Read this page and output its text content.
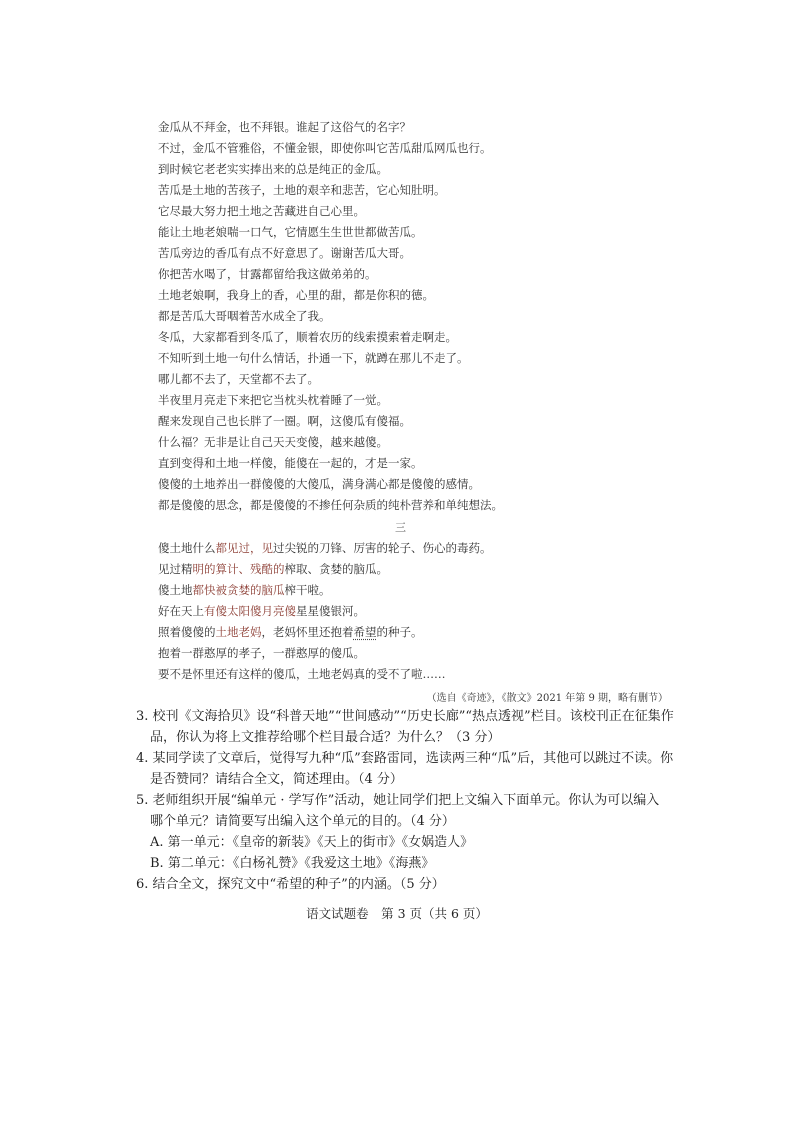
金瓜从不拜金，也不拜银。谁起了这俗气的名字？
不过，金瓜不管雅俗，不懂金银，即使你叫它苦瓜甜瓜网瓜也行。
到时候它老老实实捧出来的总是纯正的金瓜。
苦瓜是土地的苦孩子，土地的艰辛和悲苦，它心知肚明。
它尽最大努力把土地之苦藏进自己心里。
能让土地老娘喘一口气，它情愿生生世世都做苦瓜。
苦瓜旁边的香瓜有点不好意思了。谢谢苦瓜大哥。
你把苦水喝了，甘露都留给我这做弟弟的。
土地老娘啊，我身上的香，心里的甜，都是你积的德。
都是苦瓜大哥咽着苦水成全了我。
冬瓜，大家都看到冬瓜了，顺着农历的线索摸索着走啊走。
不知听到土地一句什么情话，扑通一下，就蹲在那儿不走了。
哪儿都不去了，天堂都不去了。
半夜里月亮走下来把它当枕头枕着睡了一觉。
醒来发现自己也长胖了一圈。啊，这傻瓜有傻福。
什么福？无非是让自己天天变傻，越来越傻。
直到变得和土地一样傻，能傻在一起的，才是一家。
傻傻的土地养出一群傻傻的大傻瓜，满身满心都是傻傻的感情。
都是傻傻的思念，都是傻傻的不掺任何杂质的纯朴营养和单纯想法。
三
傻土地什么都见过，见过尖锐的刀锋、厉害的轮子、伤心的毒药。
见过精明的算计、残酷的榨取、贪婪的脑瓜。
傻土地都快被贪婪的脑瓜榨干啦。
好在天上有傻太阳傻月亮傻星星傻银河。
照着傻傻的土地老妈，老妈怀里还抱着希望的种子。
抱着一群憨厚的孝子，一群憨厚的傻瓜。
要不是怀里还有这样的傻瓜，土地老妈真的受不了啦……
（选自《奇迹》，《散文》2021 年第 9 期，略有删节）
3. 校刊《文海拾贝》设“科普天地”“世间感动”“历史长廊”“热点透视”栏目。该校刊正在征集作
品，你认为将上文推荐给哪个栏目最合适？为什么？（3 分）
4. 某同学读了文章后，觉得写九种“瓜”套路雷同，选读两三种“瓜”后，其他可以跳过不读。你
是否赞同？请结合全文，简述理由。（4 分）
5. 老师组织开展“编单元 · 学写作”活动，她让同学们把上文编入下面单元。你认为可以编入
哪个单元？请简要写出编入这个单元的目的。（4 分）
A. 第一单元：《皇帝的新装》《天上的街市》《女娲造人》
B. 第二单元：《白杨礼赞》《我爱这土地》《海燕》
6. 结合全文，探究文中“希望的种子”的内涵。（5 分）
语文试题卷　第 3 页（共 6 页）
